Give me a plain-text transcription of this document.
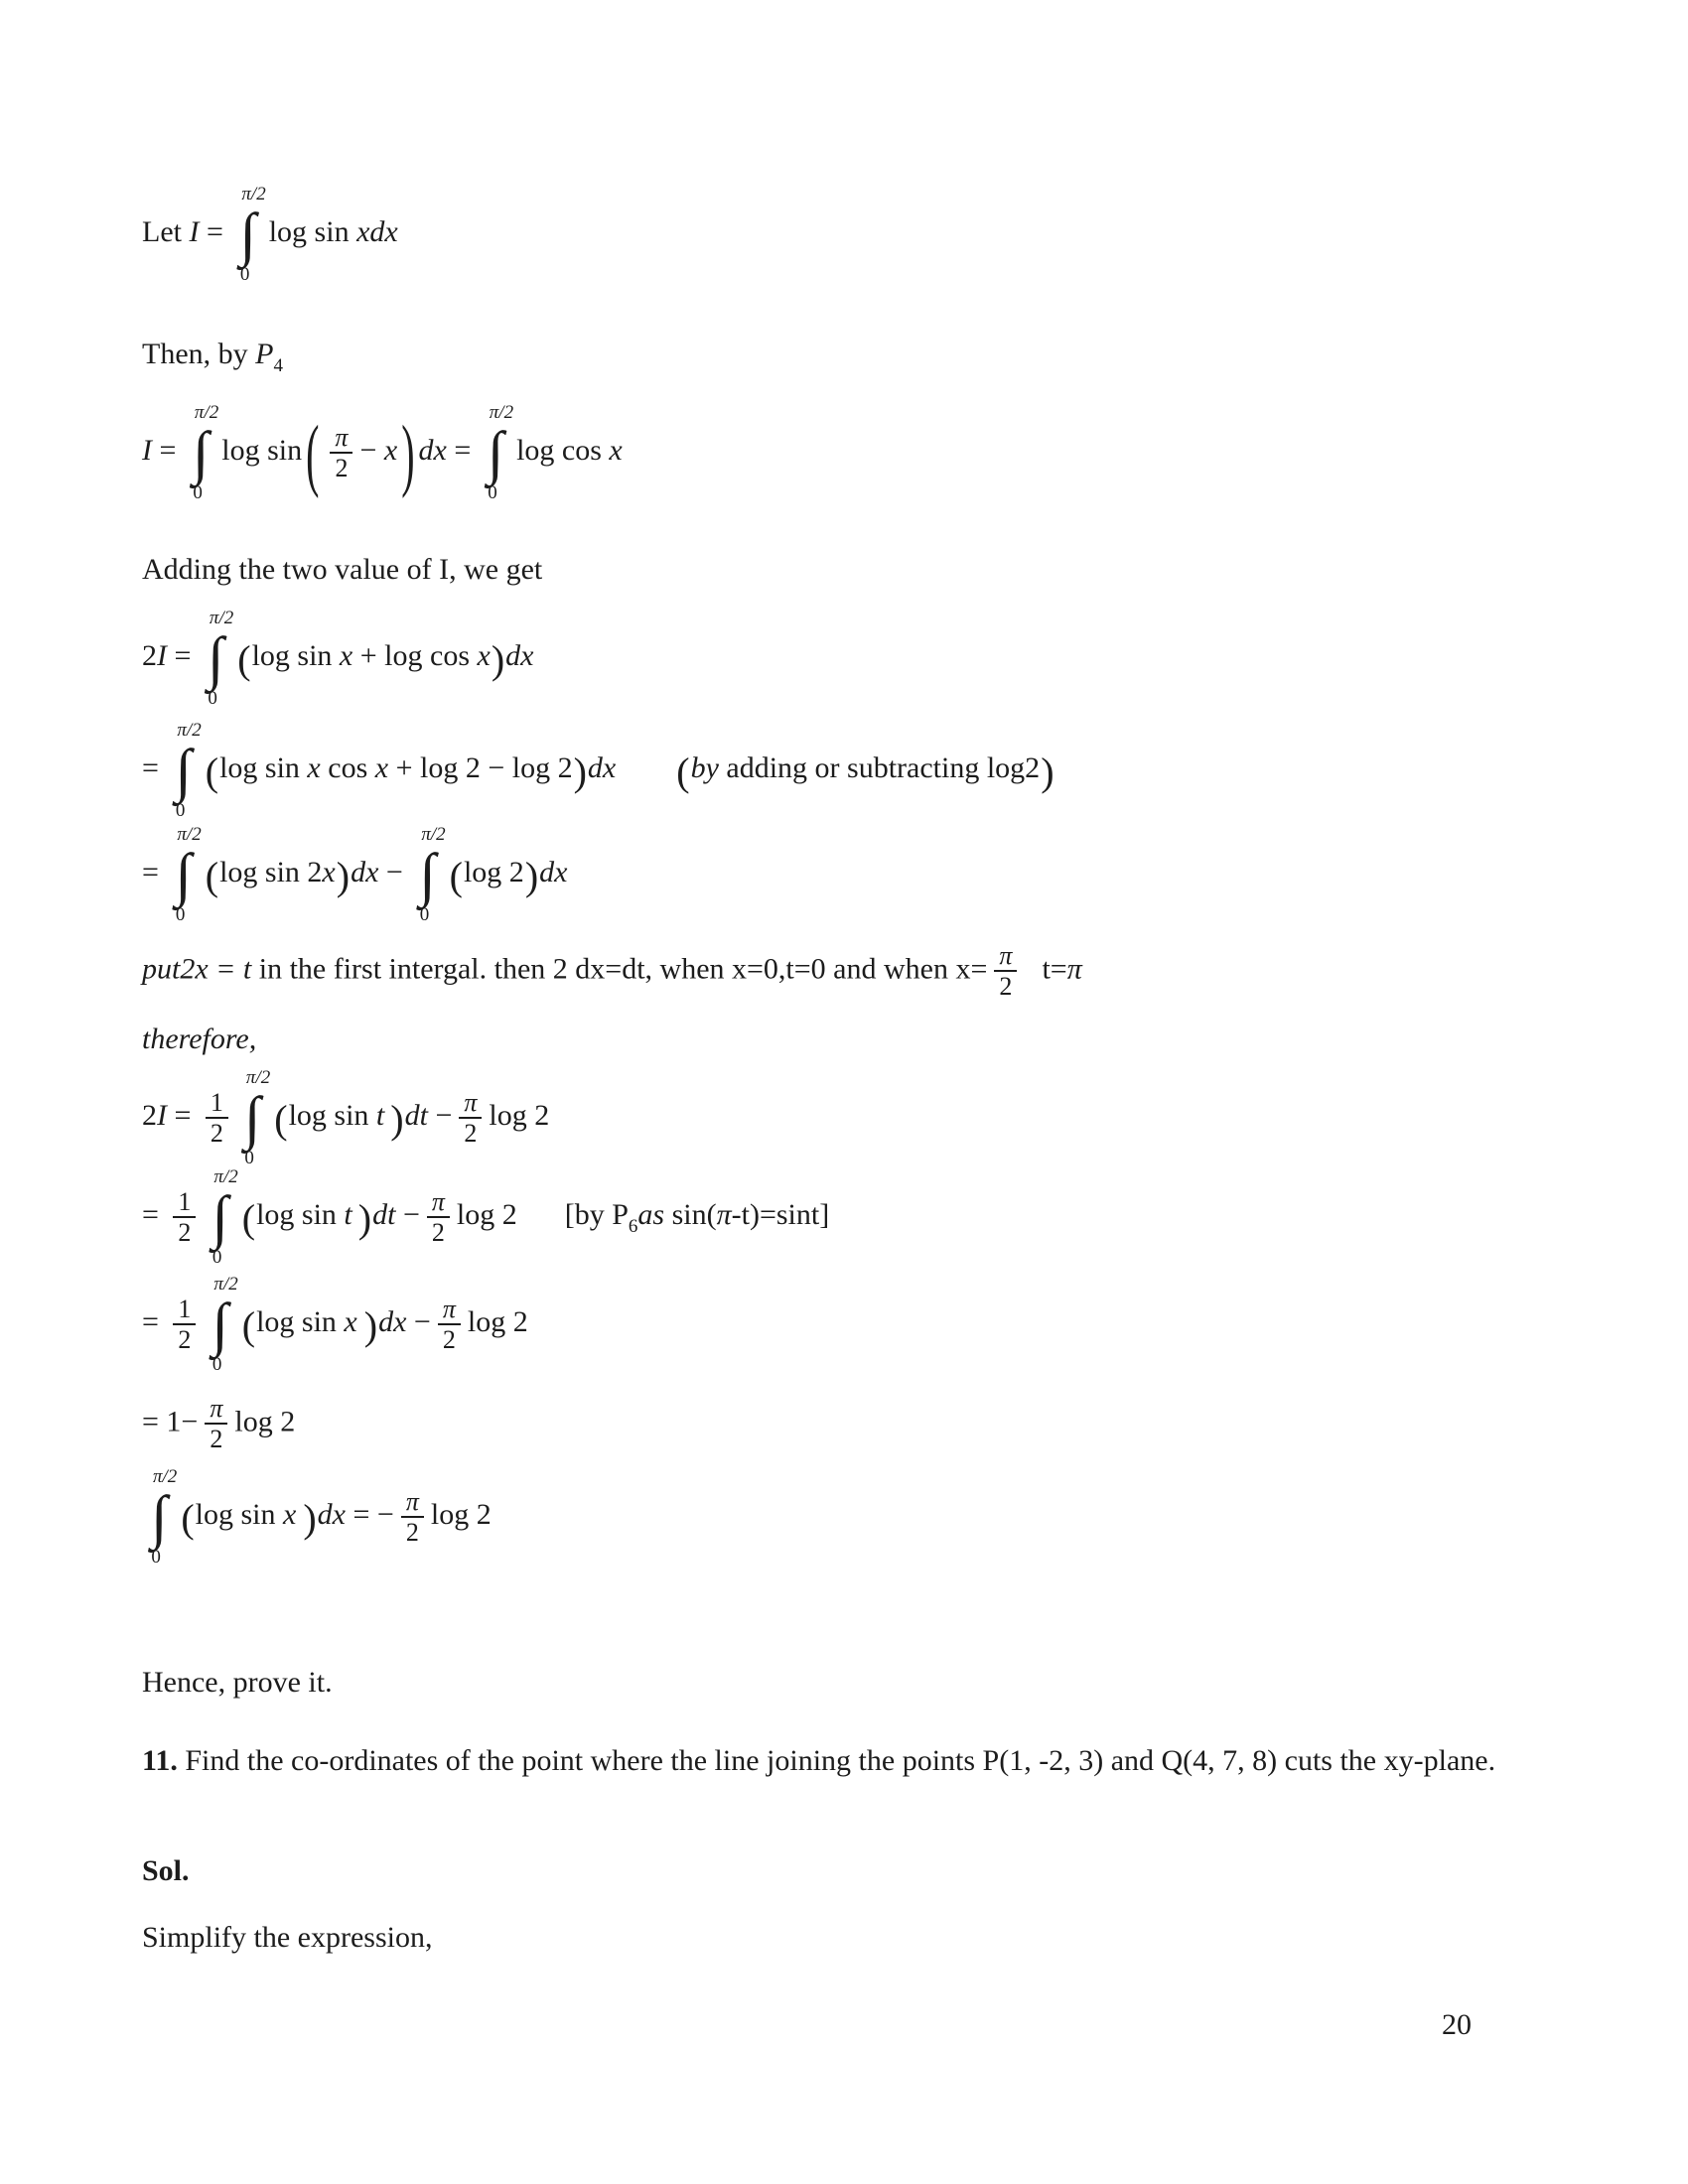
20
Let I =
π/2
∫
0
log sin xdx
Then, by $P_4$
I =
π/2
∫
0
log sin ( $\frac{\pi}{2} - x$ ) dx =
π/2
∫
0
log cos x
Adding the two value of I, we get
2I =
π/2
∫
0
(log sin x + log cos x)dx
=
π/2
∫
0
(log sin x cos x + log 2 − log 2)dx (by adding or subtracting log2)
=
π/2
∫
0
(log sin 2x)dx −
π/2
∫
0
(log 2)dx
put2x = t in the first intergal. then 2 dx=dt, when x=0,t=0 and when $x= \frac{\pi}{2} t=\pi$
therefore,
$2I = \frac{1}{2}$
π/2
∫
0
(log sin t )$dt - \frac{\pi}{2}$ log 2
= $\frac{1}{2}$
π/2
∫
0
(log sin t )$dt - \frac{\pi}{2}$ log 2 [by $P_6as$ sin(π-t)=sint]
= $\frac{1}{2}$
π/2
∫
0
(log sin x )$dx - \frac{\pi}{2}$ log 2
= $1- \frac{\pi}{2}$ log 2
π/2
∫
0
(log sin x )dx = − $\frac{\pi}{2}$ log 2
Hence, prove it.
11. Find the co-ordinates of the point where the line joining the points P(1, -2, 3) and Q(4, 7, 8) cuts the xy-plane.
Sol.
Simplify the expression,
